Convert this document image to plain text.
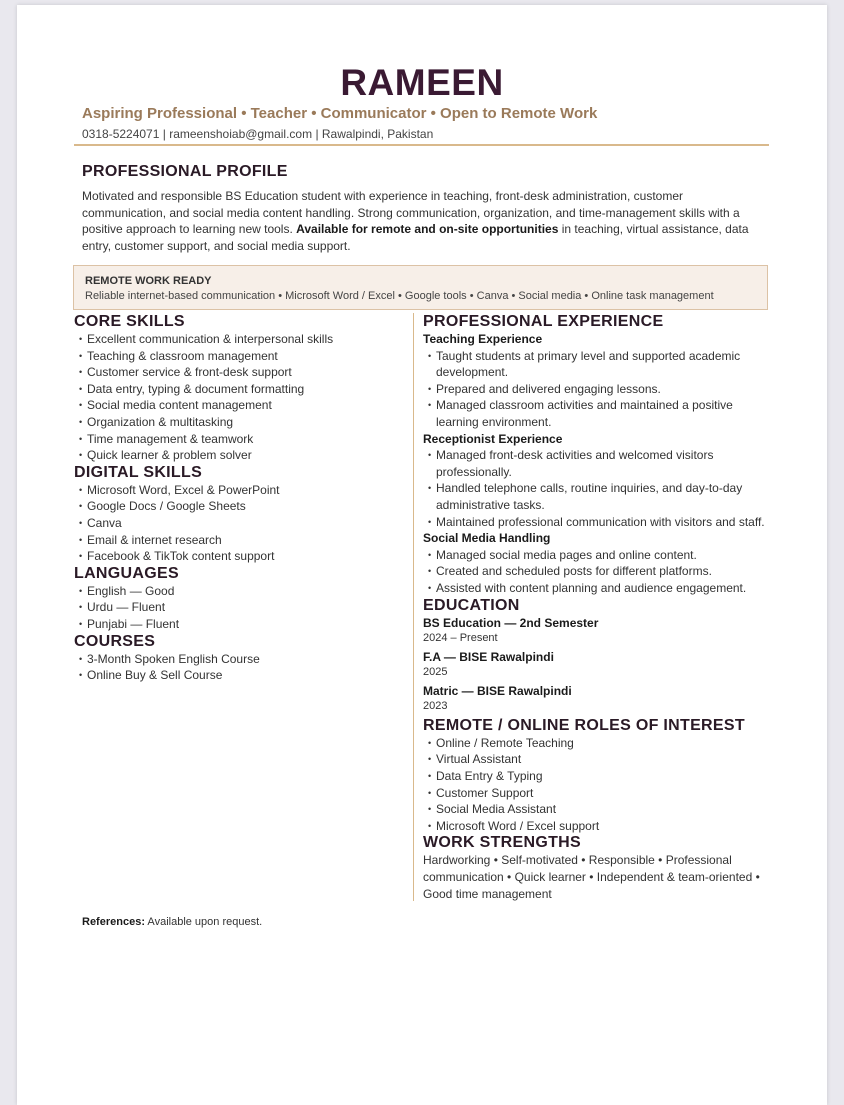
RAMEEN
Aspiring Professional • Teacher • Communicator • Open to Remote Work
0318-5224071 | rameenshoiab@gmail.com | Rawalpindi, Pakistan
PROFESSIONAL PROFILE
Motivated and responsible BS Education student with experience in teaching, front-desk administration, customer communication, and social media content handling. Strong communication, organization, and time-management skills with a positive approach to learning new tools. Available for remote and on-site opportunities in teaching, virtual assistance, data entry, customer support, and social media support.
REMOTE WORK READY
Reliable internet-based communication • Microsoft Word / Excel • Google tools • Canva • Social media • Online task management
CORE SKILLS
• Excellent communication & interpersonal skills
• Teaching & classroom management
• Customer service & front-desk support
• Data entry, typing & document formatting
• Social media content management
• Organization & multitasking
• Time management & teamwork
• Quick learner & problem solver
DIGITAL SKILLS
• Microsoft Word, Excel & PowerPoint
• Google Docs / Google Sheets
• Canva
• Email & internet research
• Facebook & TikTok content support
LANGUAGES
• English — Good
• Urdu — Fluent
• Punjabi — Fluent
COURSES
• 3-Month Spoken English Course
• Online Buy & Sell Course
PROFESSIONAL EXPERIENCE
Teaching Experience
• Taught students at primary level and supported academic development.
• Prepared and delivered engaging lessons.
• Managed classroom activities and maintained a positive learning environment.
Receptionist Experience
• Managed front-desk activities and welcomed visitors professionally.
• Handled telephone calls, routine inquiries, and day-to-day administrative tasks.
• Maintained professional communication with visitors and staff.
Social Media Handling
• Managed social media pages and online content.
• Created and scheduled posts for different platforms.
• Assisted with content planning and audience engagement.
EDUCATION
BS Education — 2nd Semester
2024 – Present
F.A — BISE Rawalpindi
2025
Matric — BISE Rawalpindi
2023
REMOTE / ONLINE ROLES OF INTEREST
• Online / Remote Teaching
• Virtual Assistant
• Data Entry & Typing
• Customer Support
• Social Media Assistant
• Microsoft Word / Excel support
WORK STRENGTHS
Hardworking • Self-motivated • Responsible • Professional communication • Quick learner • Independent & team-oriented • Good time management
References: Available upon request.
